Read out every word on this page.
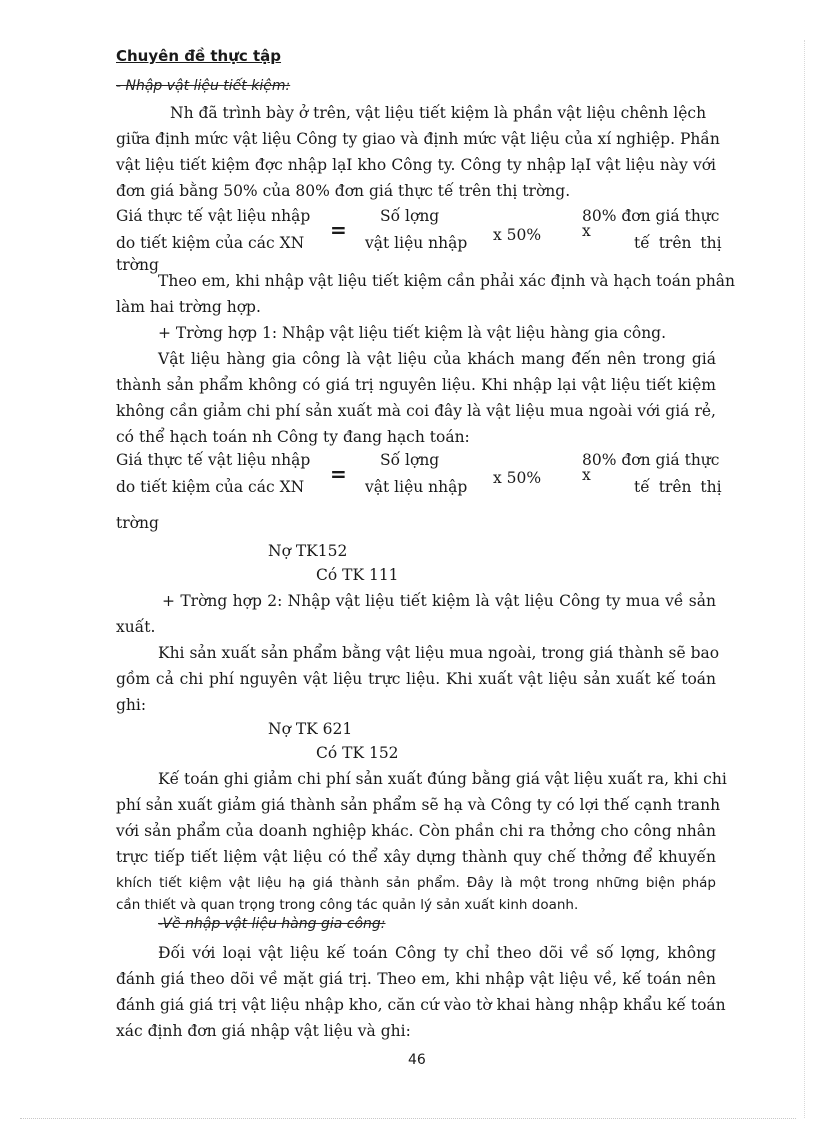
Chuyên đề thực tập
- Nhập vật liệu tiết kiệm:
Nh đã trình bày ở trên, vật liệu tiết kiệm là phần vật liệu chênh lệch
giữa định mức vật liệu Công ty giao và định mức vật liệu của xí nghiệp. Phần
vật liệu tiết kiệm đợc nhập lạI kho Công ty. Công ty nhập lạI vật liệu này với
đơn giá bằng 50% của 80% đơn giá thực tế trên thị trờng.
Giá thực tế vật liệu nhập
do tiết kiệm của các XN
=
Số lợng
vật liệu nhập x 50%	x
80% đơn giá thực
tế trên thị
trờng
Theo em, khi nhập vật liệu tiết kiệm cần phải xác định và hạch toán phân
làm hai trờng hợp.
+ Trờng hợp 1: Nhập vật liệu tiết kiệm là vật liệu hàng gia công.
Vật liệu hàng gia công là vật liệu của khách mang đến nên trong giá
thành sản phẩm không có giá trị nguyên liệu. Khi nhập lại vật liệu tiết kiệm
không cần giảm chi phí sản xuất mà coi đây là vật liệu mua ngoài với giá rẻ,
có thể hạch toán nh Công ty đang hạch toán:
Giá thực tế vật liệu nhập
do tiết kiệm của các XN
=
Số lợng
vật liệu nhập x 50%	x
80% đơn giá thực
tế trên thị
trờng
Nợ TK152
Có TK 111
+ Trờng hợp 2: Nhập vật liệu tiết kiệm là vật liệu Công ty mua về sản
xuất.
Khi sản xuất sản phẩm bằng vật liệu mua ngoài, trong giá thành sẽ bao
gồm cả chi phí nguyên vật liệu trực liệu. Khi xuất vật liệu sản xuất kế toán
ghi:
Nợ TK 621
Có TK 152
Kế toán ghi giảm chi phí sản xuất đúng bằng giá vật liệu xuất ra, khi chi
phí sản xuất giảm giá thành sản phẩm sẽ hạ và Công ty có lợi thế cạnh tranh
với sản phẩm của doanh nghiệp khác. Còn phần chi ra thởng cho công nhân
trực tiếp tiết liệm vật liệu có thể xây dựng thành quy chế thởng để khuyến
khích tiết kiệm vật liệu hạ giá thành sản phẩm. Đây là một trong những biện pháp
cần thiết và quan trọng trong công tác quản lý sản xuất kinh doanh.
-Về nhập vật liệu hàng gia công:
Đối với loại vật liệu kế toán Công ty chỉ theo dõi về số lợng, không
đánh giá theo dõi về mặt giá trị. Theo em, khi nhập vật liệu về, kế toán nên
đánh giá giá trị vật liệu nhập kho, căn cứ vào tờ khai hàng nhập khẩu kế toán
xác định đơn giá nhập vật liệu và ghi:
46
